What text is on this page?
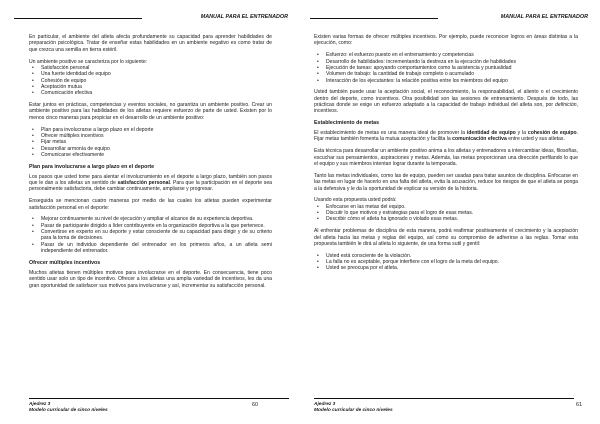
MANUAL PARA EL ENTRENADOR

En particular, el ambiente del atleta afecta profundamente su capacidad para aprender habilidades de preparación psicológica. Tratar de enseñar estas habilidades en un ambiente negativo es como tratar de que crezca una semilla en tierra estéril.

Un ambiente positivo se caracteriza por lo siguiente:

• Satisfacción personal
• Una fuerte identidad de equipo
• Cohesión de equipo
• Aceptación mutua
• Comunicación efectiva

Estar juntos en prácticas, competencias y eventos sociales, no garantiza un ambiente positivo. Crear un ambiente positivo para las habilidades de los atletas requiere esfuerzo de parte de usted. Existen por lo menos cinco maneras para propiciar en el desarrollo de un ambiente positivo:

• Plan para involucrarse a largo plazo en el deporte
• Ofrecer múltiples incentivos
• Fijar metas
• Desarrollar armonía de equipo
• Comunicarse efectivamente
Plan para involucrarse a largo plazo en el deporte

Los pasos que usted tome para alentar el involucramiento en el deporte a largo plazo, también son pasos que le dan a los atletas un sentido de satisfacción personal. Para que la participación en el deporte sea personalmente satisfactoria, debe cambiar continuamente, ampliarse y progresar.

Enseguida se mencionan cuatro maneras por medio de las cuales los atletas pueden experimentar satisfacción personal en el deporte:

• Mejorar continuamente su nivel de ejecución y ampliar el alcance de su experiencia deportiva.
• Pasar de participante dirigido a líder contribuyente en la organización deportiva a la que pertenece.
• Convertirse en experto en su deporte y estar consciente de su capacidad para dirigir y de su criterio para la toma de decisiones.
• Pasar de un individuo dependiente del entrenador en los primeros años, a un atleta semi independiente del entrenador.
Ofrecer múltiples incentivos

Muchos atletas tienen múltiples motivos para involucrarse en el deporte. En consecuencia, tiene poco sentido usar solo un tipo de incentivo. Ofrecer a los atletas una amplia variedad de incentivos, les da una gran oportunidad de satisfacer sus motivos para involucrarse y así, incrementar su satisfacción personal.

60
Ajedrez 3
Modelo curricular de cinco niveles
MANUAL PARA EL ENTRENADOR

Existen varias formas de ofrecer múltiples incentivos. Por ejemplo, puede reconocer logros en áreas distintas a la ejecución, como:

• Esfuerzo: el esfuerzo puesto en el entrenamiento y competencias
• Desarrollo de habilidades: incrementando la destreza en la ejecución de habilidades
• Ejecución de tareas: apoyando comportamientos como la asistencia y puntualidad
• Volumen de trabajo: la cantidad de trabajo completo o acumulado
• Interacción de los ejecutantes: la relación positiva entre los miembros del equipo

Usted también puede usar la aceptación social, el reconocimiento, la responsabilidad, el aliento o el crecimiento dentro del deporte, como incentivos. Otra posibilidad son las sesiones de entrenamiento. Después de todo, las prácticas donde se exige un esfuerzo adaptado a la capacidad de trabajo individual del atleta son, por definición, incentivos.

Establecimiento de metas

El establecimiento de metas es una manera ideal de promover la identidad de equipo y la cohesión de equipo. Fijar metas también fomenta la mutua aceptación y facilita la comunicación efectiva entre usted y sus atletas.

Esta técnica para desarrollar un ambiente positivo anima a los atletas y entrenadores a intercambiar ideas, filosofías, escuchar sus pensamientos, aspiraciones y metas. Además, las metas proporcionan una dirección perfilando lo que el equipo y sus miembros intentan lograr durante la temporada.

Tanto las metas individuales, como las de equipo, pueden ser usadas para tratar asuntos de disciplina. Enfocarse en las metas en lugar de hacerlo en una falta del atleta, evita la acusación, reduce los riesgos de que el atleta se ponga a la defensiva y le da la oportunidad de explicar su versión de la historia.

Usando esta propuesta usted podrá:

• Enfocarse en las metas del equipo.
• Discutir lo que motivos y estrategias para el logro de esas metas.
• Describir cómo el atleta ha ignorado o violado esas metas.

Al enfrentar problemas de disciplina de esta manera, podrá reafirmar positivamente el crecimiento y la aceptación del atleta hacia las metas y reglas del equipo, así como su compromiso de adherirse a las reglas. Tomar esta propuesta también le dirá al atleta lo siguiente, de una forma sutil y gentil:

• Usted está consciente de la violación.
• La falla no es aceptable, porque interfiere con el logro de la meta del equipo.
• Usted se preocupa por el atleta.
61
Ajedrez 3
Modelo curricular de cinco niveles
